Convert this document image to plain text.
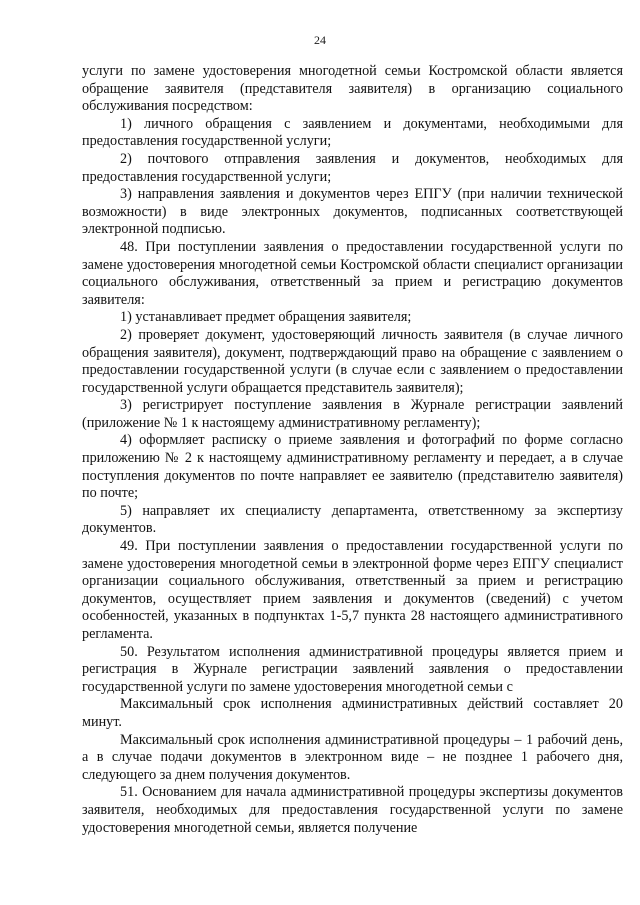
24

услуги по замене удостоверения многодетной семьи Костромской области является обращение заявителя (представителя заявителя) в организацию социального обслуживания посредством:

1) личного обращения с заявлением и документами, необходимыми для предоставления государственной услуги;

2) почтового отправления заявления и документов, необходимых для предоставления государственной услуги;

3) направления заявления и документов через ЕПГУ (при наличии технической возможности) в виде электронных документов, подписанных соответствующей электронной подписью.

48. При поступлении заявления о предоставлении государственной услуги по замене удостоверения многодетной семьи Костромской области специалист организации социального обслуживания, ответственный за прием и регистрацию документов заявителя:

1) устанавливает предмет обращения заявителя;

2) проверяет документ, удостоверяющий личность заявителя (в случае личного обращения заявителя), документ, подтверждающий право на обращение с заявлением о предоставлении государственной услуги (в случае если с заявлением о предоставлении государственной услуги обращается представитель заявителя);

3) регистрирует поступление заявления в Журнале регистрации заявлений (приложение № 1 к настоящему административному регламенту);

4) оформляет расписку о приеме заявления и фотографий по форме согласно приложению № 2 к настоящему административному регламенту и передает, а в случае поступления документов по почте направляет ее заявителю (представителю заявителя) по почте;

5) направляет их специалисту департамента, ответственному за экспертизу документов.

49. При поступлении заявления о предоставлении государственной услуги по замене удостоверения многодетной семьи в электронной форме через ЕПГУ специалист организации социального обслуживания, ответственный за прием и регистрацию документов, осуществляет прием заявления и документов (сведений) с учетом особенностей, указанных в подпунктах 1-5,7 пункта 28 настоящего административного регламента.

50. Результатом исполнения административной процедуры является прием и регистрация в Журнале регистрации заявлений заявления о предоставлении государственной услуги по замене удостоверения многодетной семьи с

Максимальный срок исполнения административных действий составляет 20 минут.

Максимальный срок исполнения административной процедуры – 1 рабочий день, а в случае подачи документов в электронном виде – не позднее 1 рабочего дня, следующего за днем получения документов.

51. Основанием для начала административной процедуры экспертизы документов заявителя, необходимых для предоставления государственной услуги по замене удостоверения многодетной семьи, является получение
